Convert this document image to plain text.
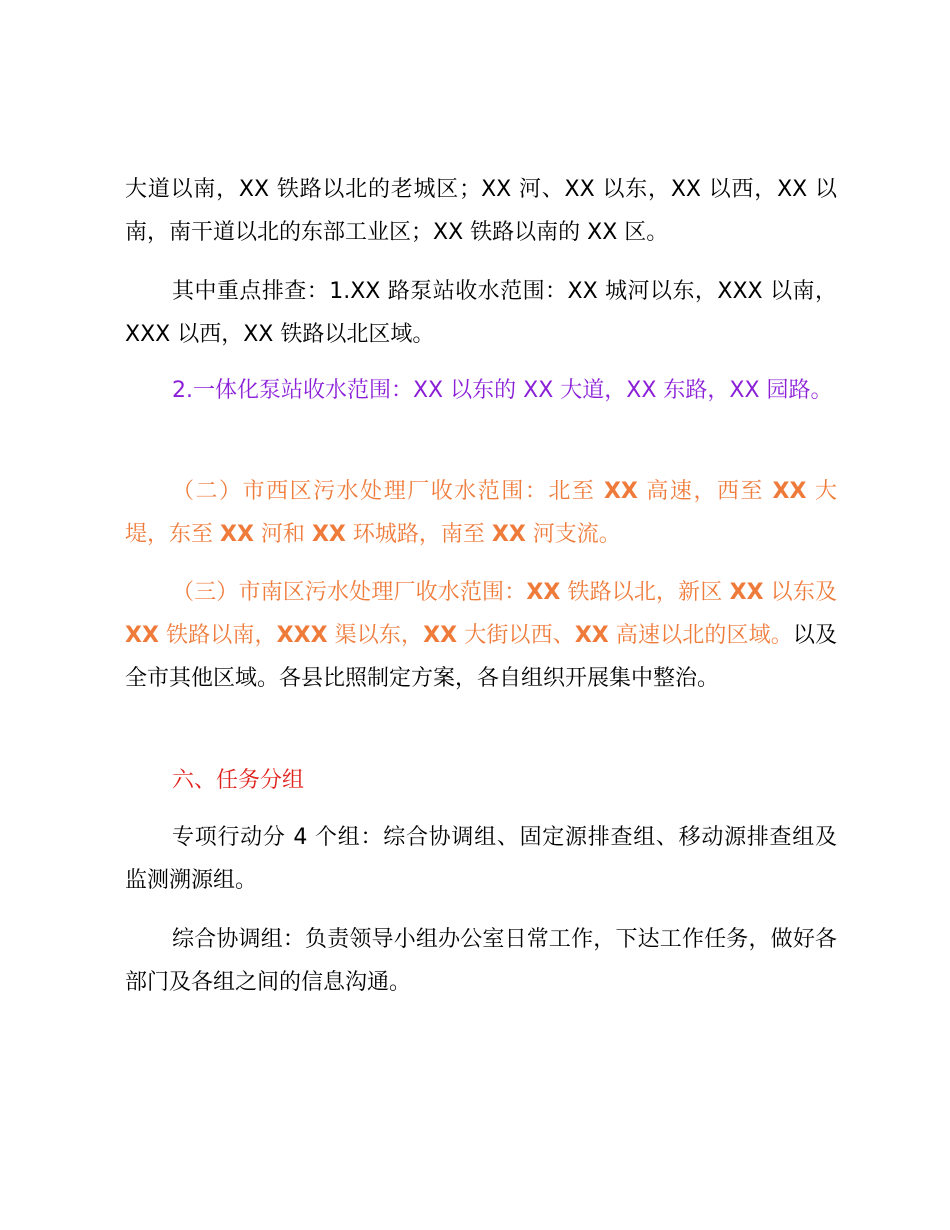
大道以南，XX 铁路以北的老城区；XX 河、XX 以东，XX 以西，XX 以南，南干道以北的东部工业区；XX 铁路以南的 XX 区。

其中重点排查：1.XX 路泵站收水范围：XX 城河以东，XXX 以南，XXX 以西，XX 铁路以北区域。

2.一体化泵站收水范围：XX 以东的 XX 大道，XX 东路，XX 园路。

（二）市西区污水处理厂收水范围：北至 XX 高速，西至 XX 大堤，东至 XX 河和 XX 环城路，南至 XX 河支流。

（三）市南区污水处理厂收水范围：XX 铁路以北，新区 XX 以东及 XX 铁路以南，XXX 渠以东，XX 大街以西、XX 高速以北的区域。以及全市其他区域。各县比照制定方案，各自组织开展集中整治。

六、任务分组

专项行动分 4 个组：综合协调组、固定源排查组、移动源排查组及监测溯源组。

综合协调组：负责领导小组办公室日常工作，下达工作任务，做好各部门及各组之间的信息沟通。
